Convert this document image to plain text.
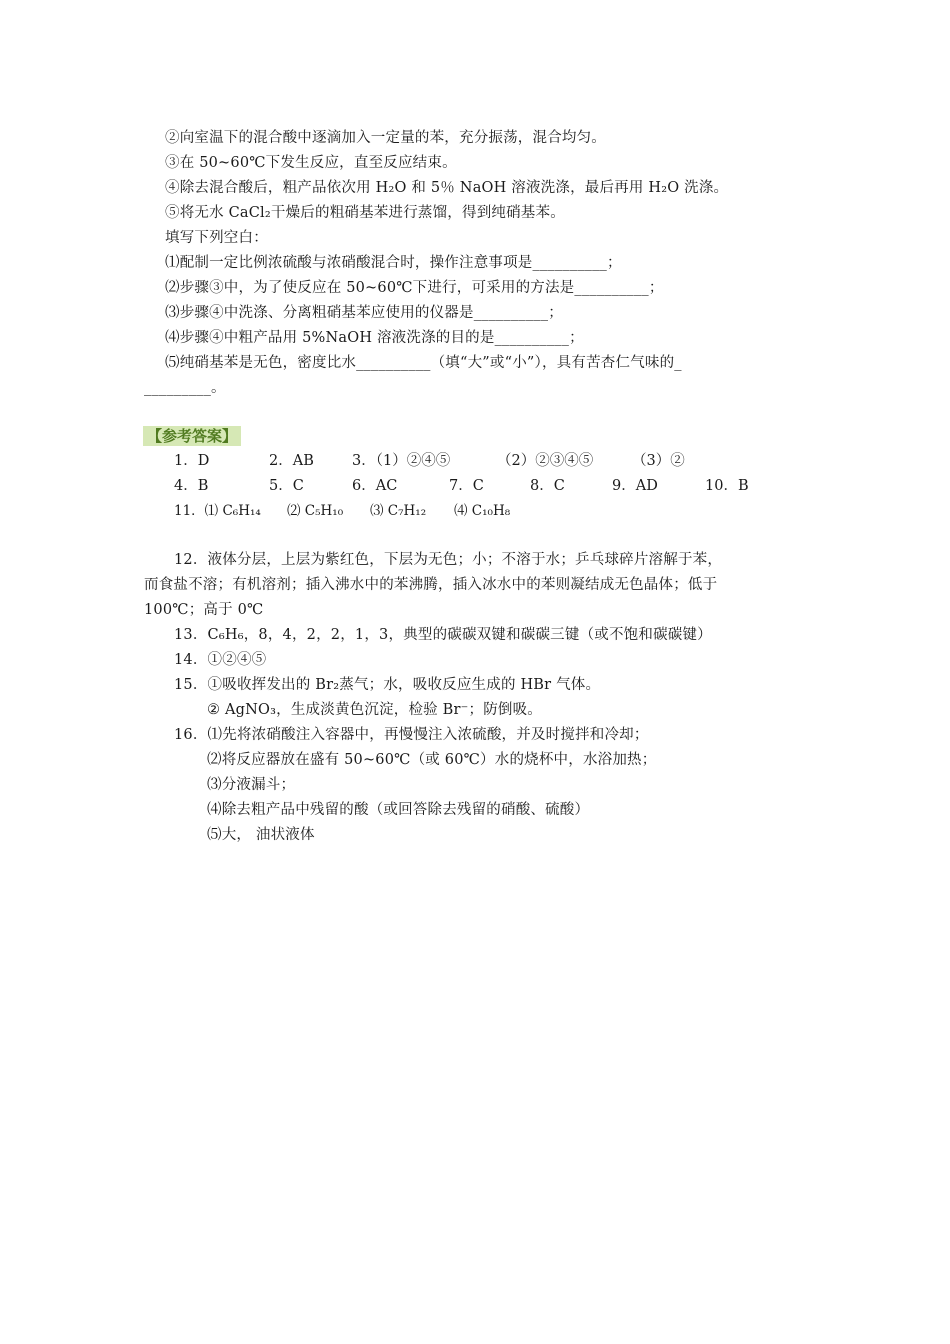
②向室温下的混合酸中逐滴加入一定量的苯，充分振荡，混合均匀。
③在 50~60℃下发生反应，直至反应结束。
④除去混合酸后，粗产品依次用 H₂O 和 5％ NaOH 溶液洗涤，最后再用 H₂O 洗涤。
⑤将无水 CaCl₂干燥后的粗硝基苯进行蒸馏，得到纯硝基苯。
填写下列空白：
⑴配制一定比例浓硫酸与浓硝酸混合时，操作注意事项是__________；
⑵步骤③中，为了使反应在 50~60℃下进行，可采用的方法是__________；
⑶步骤④中洗涤、分离粗硝基苯应使用的仪器是__________；
⑷步骤④中粗产品用 5%NaOH 溶液洗涤的目的是__________；
⑸纯硝基苯是无色，密度比水__________（填“大”或“小”），具有苦杏仁气味的_
_________。
【参考答案】
1．D	2．AB	3．（1）②④⑤	（2）②③④⑤	（3）②
4．B	5．C	6．AC	7．C	8．C	9．AD	10．B
11．⑴ C₆H₁₄ ⑵ C₅H₁₀ ⑶ C₇H₁₂ ⑷ C₁₀H₈
12．液体分层，上层为紫红色，下层为无色；小；不溶于水；乒乓球碎片溶解于苯，
而食盐不溶；有机溶剂；插入沸水中的苯沸腾，插入冰水中的苯则凝结成无色晶体；低于
100℃；高于 0℃
13．C₆H₆，8，4，2，2，1，3，典型的碳碳双键和碳碳三键（或不饱和碳碳键）
14．①②④⑤
15．①吸收挥发出的 Br₂蒸气；水，吸收反应生成的 HBr 气体。
② AgNO₃，生成淡黄色沉淀，检验 Br⁻；防倒吸。
16．⑴先将浓硝酸注入容器中，再慢慢注入浓硫酸，并及时搅拌和冷却；
⑵将反应器放在盛有 50~60℃（或 60℃）水的烧杯中，水浴加热；
⑶分液漏斗；
⑷除去粗产品中残留的酸（或回答除去残留的硝酸、硫酸）
⑸大， 油状液体
